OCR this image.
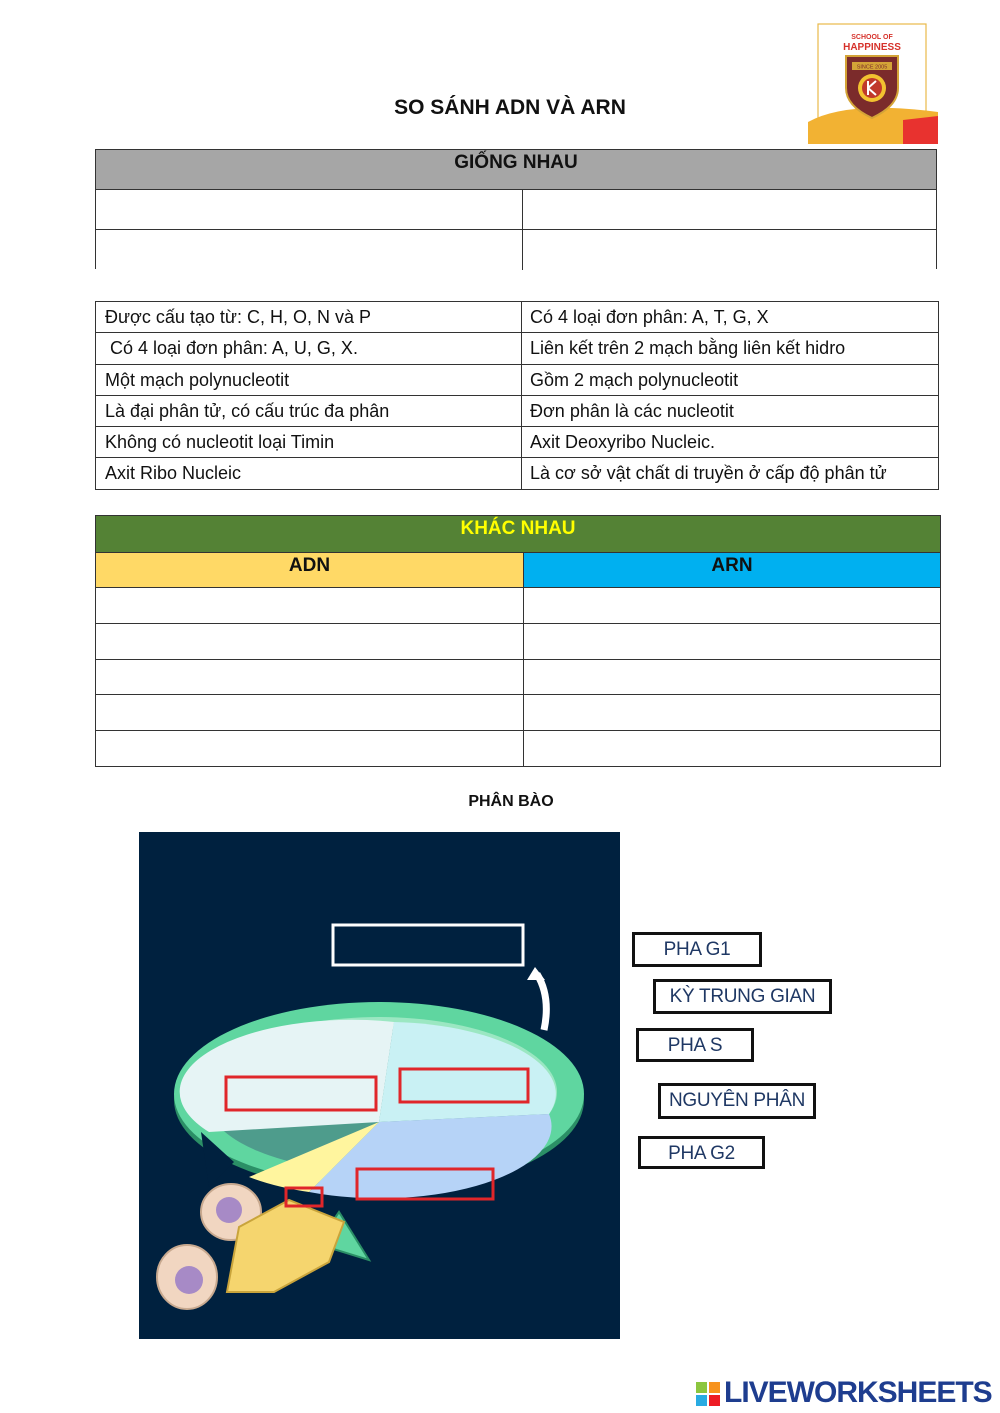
SCHOOL OF
HAPPINESS
SINCE 2005
SO SÁNH ADN VÀ ARN
GIỐNG NHAU
Được cấu tạo từ: C, H, O, N và P	Có 4 loại đơn phân: A, T, G, X
Có 4 loại đơn phân: A, U, G, X.	Liên kết trên 2 mạch bằng liên kết hidro
Một mạch polynucleotit	Gồm 2 mạch polynucleotit
Là đại phân tử, có cấu trúc đa phân	Đơn phân là các nucleotit
Không có nucleotit loại Timin	Axit Deoxyribo Nucleic.
Axit Ribo Nucleic	Là cơ sở vật chất di truyền ở cấp độ phân tử
KHÁC NHAU
ADN	ARN
PHÂN BÀO
PHA G1
KỲ TRUNG GIAN
PHA S
NGUYÊN PHÂN
PHA G2
LIVEWORKSHEETS
